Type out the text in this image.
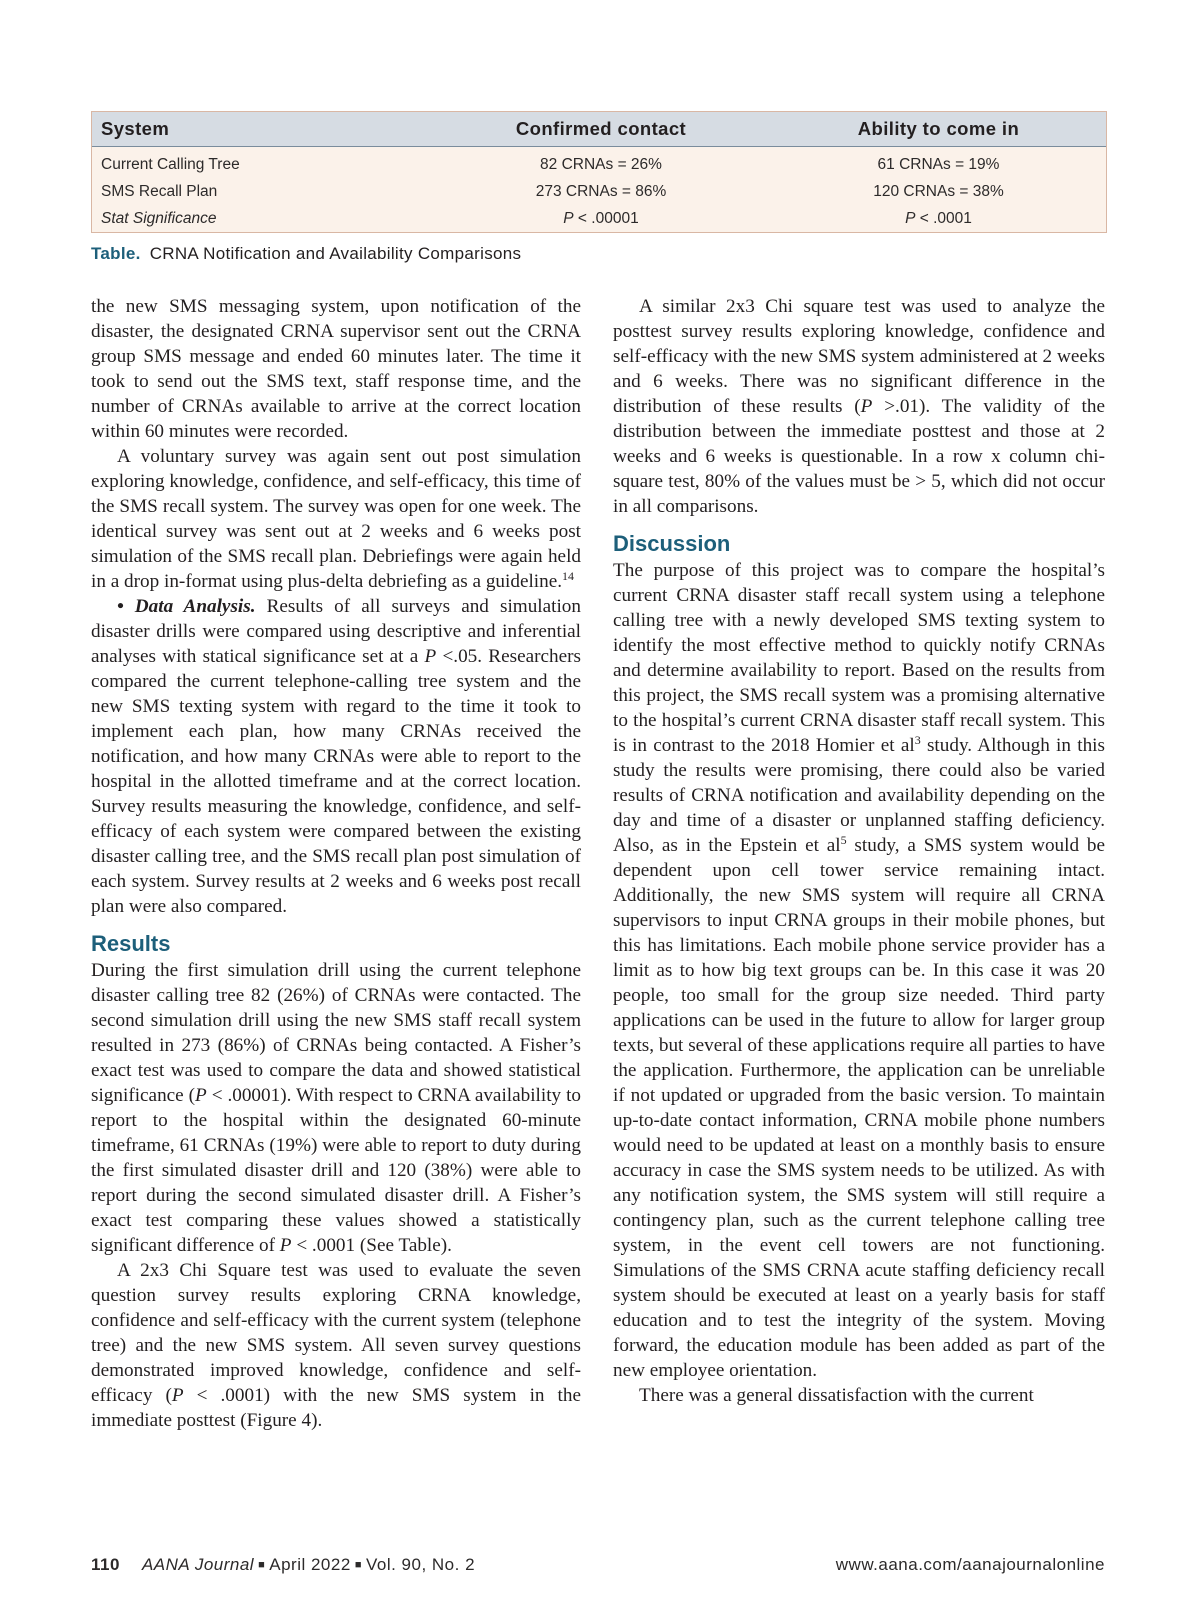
System	Confirmed contact	Ability to come in
Current Calling Tree	82 CRNAs = 26%	61 CRNAs = 19%
SMS Recall Plan	273 CRNAs = 86%	120 CRNAs = 38%
Stat Significance	P < .00001	P < .0001
Table. CRNA Notification and Availability Comparisons

the new SMS messaging system, upon notification of the disaster, the designated CRNA supervisor sent out the CRNA group SMS message and ended 60 minutes later. The time it took to send out the SMS text, staff response time, and the number of CRNAs available to arrive at the correct location within 60 minutes were recorded.

A voluntary survey was again sent out post simulation exploring knowledge, confidence, and self-efficacy, this time of the SMS recall system. The survey was open for one week. The identical survey was sent out at 2 weeks and 6 weeks post simulation of the SMS recall plan. Debriefings were again held in a drop in-format using plus-delta debriefing as a guideline.$^{14}$

• Data Analysis. Results of all surveys and simulation disaster drills were compared using descriptive and inferential analyses with statical significance set at a P <.05. Researchers compared the current telephone-calling tree system and the new SMS texting system with regard to the time it took to implement each plan, how many CRNAs received the notification, and how many CRNAs were able to report to the hospital in the allotted timeframe and at the correct location. Survey results measuring the knowledge, confidence, and self-efficacy of each system were compared between the existing disaster calling tree, and the SMS recall plan post simulation of each system. Survey results at 2 weeks and 6 weeks post recall plan were also compared.

Results

During the first simulation drill using the current telephone disaster calling tree 82 (26%) of CRNAs were contacted. The second simulation drill using the new SMS staff recall system resulted in 273 (86%) of CRNAs being contacted. A Fisher’s exact test was used to compare the data and showed statistical significance (P < .00001). With respect to CRNA availability to report to the hospital within the designated 60-minute timeframe, 61 CRNAs (19%) were able to report to duty during the first simulated disaster drill and 120 (38%) were able to report during the second simulated disaster drill. A Fisher’s exact test comparing these values showed a statistically significant difference of P < .0001 (See Table).

A 2x3 Chi Square test was used to evaluate the seven question survey results exploring CRNA knowledge, confidence and self-efficacy with the current system (telephone tree) and the new SMS system. All seven survey questions demonstrated improved knowledge, confidence and self-efficacy (P < .0001) with the new SMS system in the immediate posttest (Figure 4).

A similar 2x3 Chi square test was used to analyze the posttest survey results exploring knowledge, confidence and self-efficacy with the new SMS system administered at 2 weeks and 6 weeks. There was no significant difference in the distribution of these results (P >.01). The validity of the distribution between the immediate posttest and those at 2 weeks and 6 weeks is questionable. In a row x column chi-square test, 80% of the values must be > 5, which did not occur in all comparisons.

Discussion

The purpose of this project was to compare the hospital’s current CRNA disaster staff recall system using a telephone calling tree with a newly developed SMS texting system to identify the most effective method to quickly notify CRNAs and determine availability to report. Based on the results from this project, the SMS recall system was a promising alternative to the hospital’s current CRNA disaster staff recall system. This is in contrast to the 2018 Homier et $al^3$ study. Although in this study the results were promising, there could also be varied results of CRNA notification and availability depending on the day and time of a disaster or unplanned staffing deficiency. Also, as in the Epstein et $al^5$ study, a SMS system would be dependent upon cell tower service remaining intact. Additionally, the new SMS system will require all CRNA supervisors to input CRNA groups in their mobile phones, but this has limitations. Each mobile phone service provider has a limit as to how big text groups can be. In this case it was 20 people, too small for the group size needed. Third party applications can be used in the future to allow for larger group texts, but several of these applications require all parties to have the application. Furthermore, the application can be unreliable if not updated or upgraded from the basic version. To maintain up-to-date contact information, CRNA mobile phone numbers would need to be updated at least on a monthly basis to ensure accuracy in case the SMS system needs to be utilized. As with any notification system, the SMS system will still require a contingency plan, such as the current telephone calling tree system, in the event cell towers are not functioning. Simulations of the SMS CRNA acute staffing deficiency recall system should be executed at least on a yearly basis for staff education and to test the integrity of the system. Moving forward, the education module has been added as part of the new employee orientation.

There was a general dissatisfaction with the current

110 AANA Journal ■ April 2022 ■ Vol. 90, No. 2	www.aana.com/aanajournalonline
